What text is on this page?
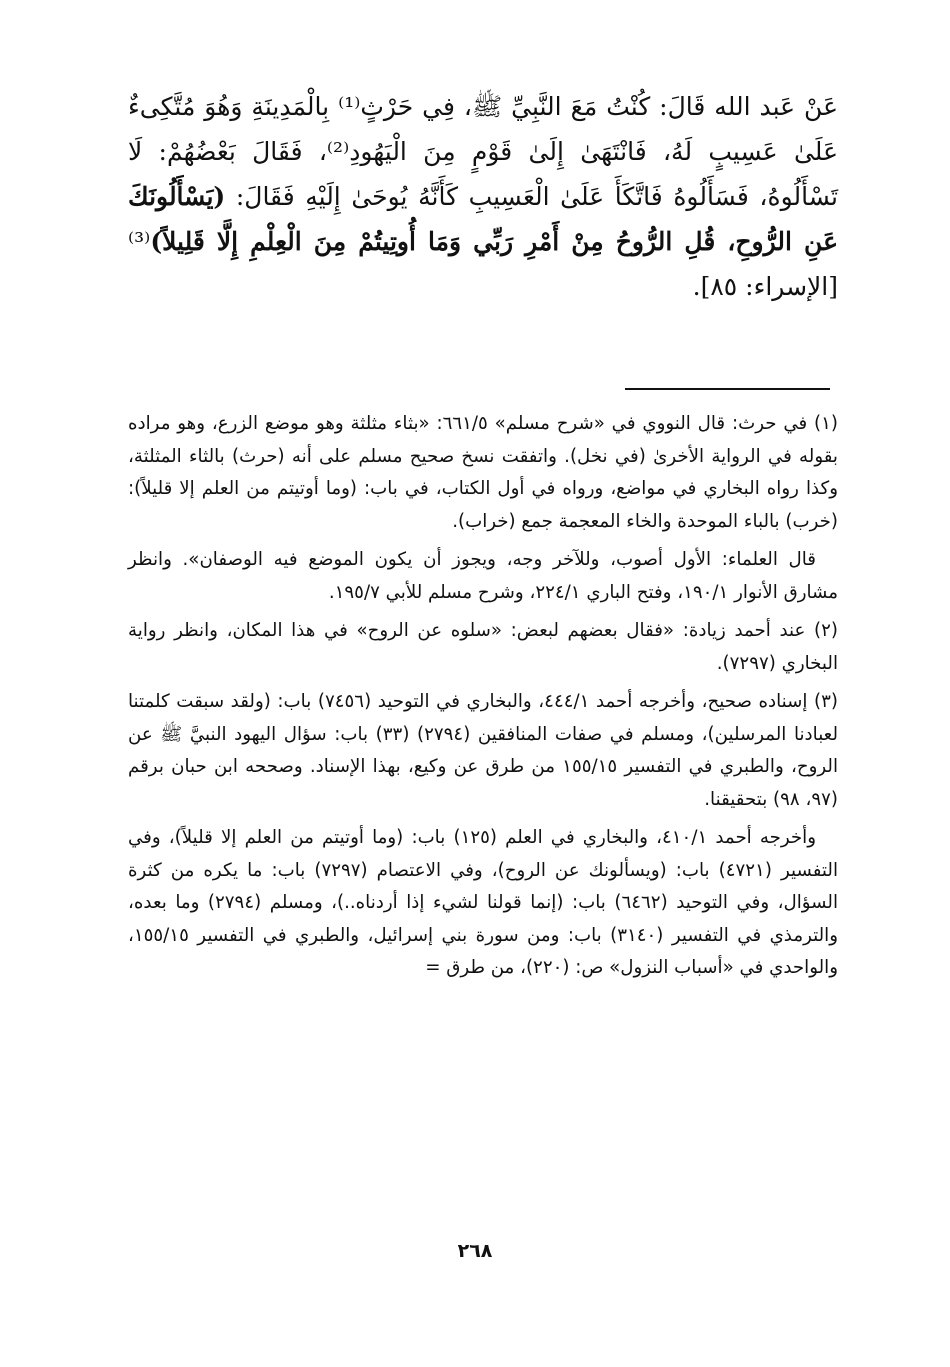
عَنْ عَبد الله قَالَ: كُنْتُ مَعَ النَّبِيِّ ﷺ، فِي حَرْثٍ⁽¹⁾ بِالْمَدِينَةِ وَهُوَ مُتَّكِىءٌ عَلَىٰ عَسِيبٍ لَهُ، فَانْتَهَىٰ إِلَىٰ قَوْمٍ مِنَ الْيَهُودِ⁽²⁾، فَقَالَ بَعْضُهُمْ: لَا تَسْأَلُوهُ، فَسَأَلُوهُ فَاتَّكَأَ عَلَىٰ الْعَسِيبِ كَأَنَّهُ يُوحَىٰ إِلَيْهِ فَقَالَ: (يَسْأَلُونَكَ عَنِ الرُّوحِ، قُلِ الرُّوحُ مِنْ أَمْرِ رَبِّي وَمَا أُوتِيتُمْ مِنَ الْعِلْمِ إِلَّا قَلِيلاً)⁽³⁾ [الإسراء: ٨٥].

(١) في حرث: قال النووي في «شرح مسلم» ٦٦١/٥: «بثاء مثلثة وهو موضع الزرع، وهو مراده بقوله في الرواية الأخرىٰ (في نخل). واتفقت نسخ صحيح مسلم على أنه (حرث) بالثاء المثلثة، وكذا رواه البخاري في مواضع، ورواه في أول الكتاب، في باب: (وما أوتيتم من العلم إلا قليلاً): (خرب) بالباء الموحدة والخاء المعجمة جمع (خراب).

قال العلماء: الأول أصوب، وللآخر وجه، ويجوز أن يكون الموضع فيه الوصفان». وانظر مشارق الأنوار ١٩٠/١، وفتح الباري ٢٢٤/١، وشرح مسلم للأبي ١٩٥/٧.

(٢) عند أحمد زيادة: «فقال بعضهم لبعض: «سلوه عن الروح» في هذا المكان، وانظر رواية البخاري (٧٢٩٧).

(٣) إسناده صحيح، وأخرجه أحمد ٤٤٤/١، والبخاري في التوحيد (٧٤٥٦) باب: (ولقد سبقت كلمتنا لعبادنا المرسلين)، ومسلم في صفات المنافقين (٢٧٩٤) (٣٣) باب: سؤال اليهود النبيَّ ﷺ عن الروح، والطبري في التفسير ١٥٥/١٥ من طرق عن وكيع، بهذا الإسناد. وصححه ابن حبان برقم (٩٧، ٩٨) بتحقيقنا.

وأخرجه أحمد ٤١٠/١، والبخاري في العلم (١٢٥) باب: (وما أوتيتم من العلم إلا قليلاً)، وفي التفسير (٤٧٢١) باب: (ويسألونك عن الروح)، وفي الاعتصام (٧٢٩٧) باب: ما يكره من كثرة السؤال، وفي التوحيد (٦٤٦٢) باب: (إنما قولنا لشيء إذا أردناه..)، ومسلم (٢٧٩٤) وما بعده، والترمذي في التفسير (٣١٤٠) باب: ومن سورة بني إسرائيل، والطبري في التفسير ١٥٥/١٥، والواحدي في «أسباب النزول» ص: (٢٢٠)، من طرق =

٢٦٨
